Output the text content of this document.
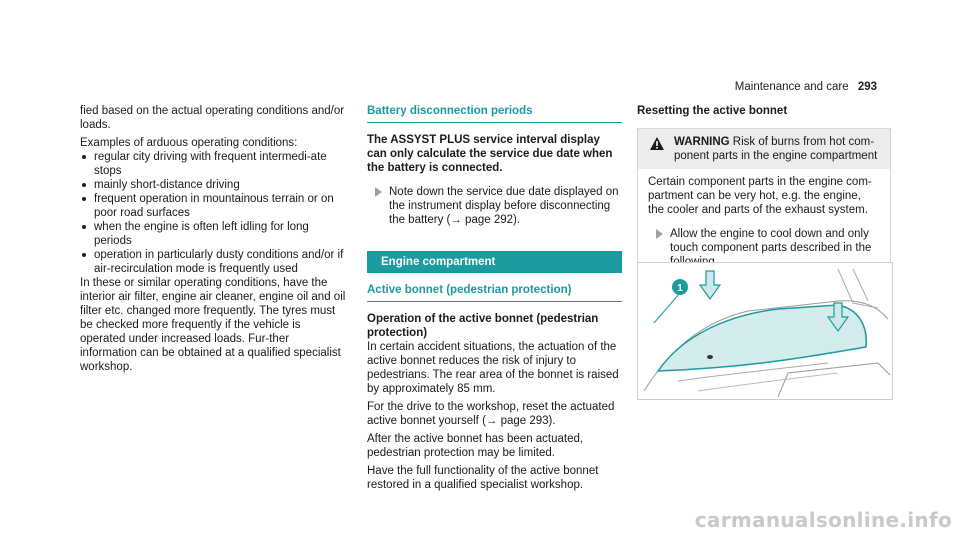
Maintenance and care 293

fied based on the actual operating conditions and/or loads.

Examples of arduous operating conditions:

regular city driving with frequent intermedi-ate stops
mainly short-distance driving
frequent operation in mountainous terrain or on poor road surfaces
when the engine is often left idling for long periods
operation in particularly dusty conditions and/or if air-recirculation mode is frequently used

In these or similar operating conditions, have the interior air filter, engine air cleaner, engine oil and oil filter etc. changed more frequently. The tyres must be checked more frequently if the vehicle is operated under increased loads. Fur-ther information can be obtained at a qualified specialist workshop.

Battery disconnection periods

The ASSYST PLUS service interval display can only calculate the service due date when the battery is connected.

Note down the service due date displayed on the instrument display before disconnecting the battery (→ page 292).
Engine compartment
Active bonnet (pedestrian protection)

Operation of the active bonnet (pedestrian protection)

In certain accident situations, the actuation of the active bonnet reduces the risk of injury to pedestrians. The rear area of the bonnet is raised by approximately 85 mm.

For the drive to the workshop, reset the actuated active bonnet yourself (→ page 293).

After the active bonnet has been actuated, pedestrian protection may be limited.

Have the full functionality of the active bonnet restored in a qualified specialist workshop.

Resetting the active bonnet

WARNING Risk of burns from hot com-ponent parts in the engine compartment

Certain component parts in the engine com-partment can be very hot, e.g. the engine, the cooler and parts of the exhaust system.

Allow the engine to cool down and only touch component parts described in the
1
carmanualsonline.info
